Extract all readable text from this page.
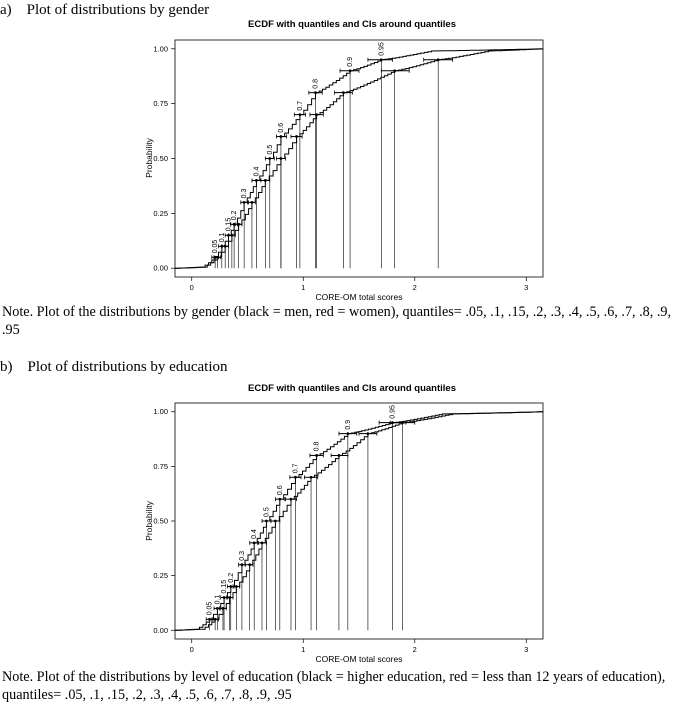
a) Plot of distributions by gender
ECDF with quantiles and CIs around quantiles
Probability
CORE-OM total scores
0.00
0.25
0.50
0.75
1.00
0	1	2	3
0.05
0.1
0.15
0.2
0.3
0.4
0.5
0.6
0.7
0.8
0.9
0.95
Note. Plot of the distributions by gender (black = men, red = women), quantiles= .05, .1, .15, .2, .3, .4, .5, .6, .7, .8, .9, .95
b) Plot of distributions by education
ECDF with quantiles and CIs around quantiles
Probability
CORE-OM total scores
0.00
0.25
0.50
0.75
1.00
0	1	2	3
0.05
0.1
0.15
0.2
0.3
0.4
0.5
0.6
0.7
0.8
0.9
0.95
Note. Plot of the distributions by level of education (black = higher education, red = less than 12 years of education), quantiles= .05, .1, .15, .2, .3, .4, .5, .6, .7, .8, .9, .95
